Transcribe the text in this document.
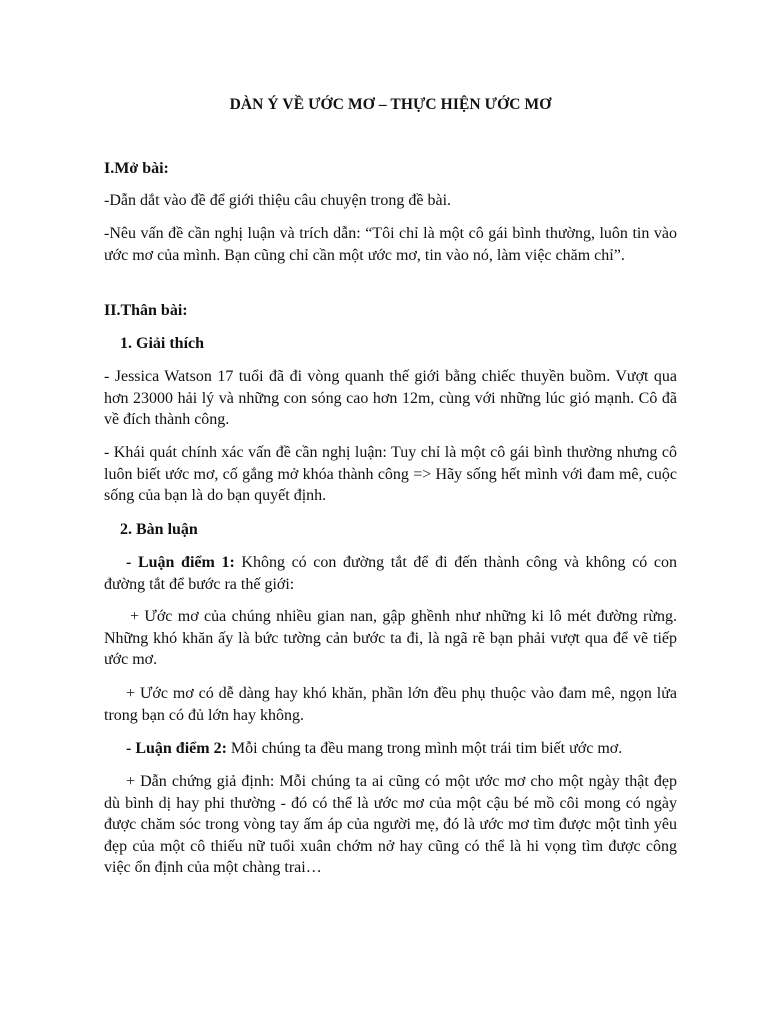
DÀN Ý VỀ ƯỚC MƠ – THỰC HIỆN ƯỚC MƠ
I.Mở bài:
-Dẫn dắt vào đề để giới thiệu câu chuyện trong đề bài.
-Nêu vấn đề cần nghị luận và trích dẫn: “Tôi chỉ là một cô gái bình thường, luôn tin vào ước mơ của mình. Bạn cũng chỉ cần một ước mơ, tin vào nó, làm việc chăm chỉ”.
II.Thân bài:
1. Giải thích
- Jessica Watson 17 tuổi đã đi vòng quanh thế giới bằng chiếc thuyền buồm. Vượt qua hơn 23000 hải lý và những con sóng cao hơn 12m, cùng với những lúc gió mạnh. Cô đã về đích thành công.
- Khái quát chính xác vấn đề cần nghị luận: Tuy chỉ là một cô gái bình thường nhưng cô luôn biết ước mơ, cố gắng mở khóa thành công => Hãy sống hết mình với đam mê, cuộc sống của bạn là do bạn quyết định.
2. Bàn luận
- Luận điểm 1: Không có con đường tắt để đi đến thành công và không có con đường tắt để bước ra thế giới:
+ Ước mơ của chúng nhiều gian nan, gập ghềnh như những ki lô mét đường rừng. Những khó khăn ấy là bức tường cản bước ta đi, là ngã rẽ bạn phải vượt qua để vẽ tiếp ước mơ.
+ Ước mơ có dễ dàng hay khó khăn, phần lớn đều phụ thuộc vào đam mê, ngọn lửa trong bạn có đủ lớn hay không.
- Luận điểm 2: Mỗi chúng ta đều mang trong mình một trái tim biết ước mơ.
+ Dẫn chứng giả định: Mỗi chúng ta ai cũng có một ước mơ cho một ngày thật đẹp dù bình dị hay phi thường - đó có thể là ước mơ của một cậu bé mồ côi mong có ngày được chăm sóc trong vòng tay ấm áp của người mẹ, đó là ước mơ tìm được một tình yêu đẹp của một cô thiếu nữ tuổi xuân chớm nở hay cũng có thể là hi vọng tìm được công việc ổn định của một chàng trai…
